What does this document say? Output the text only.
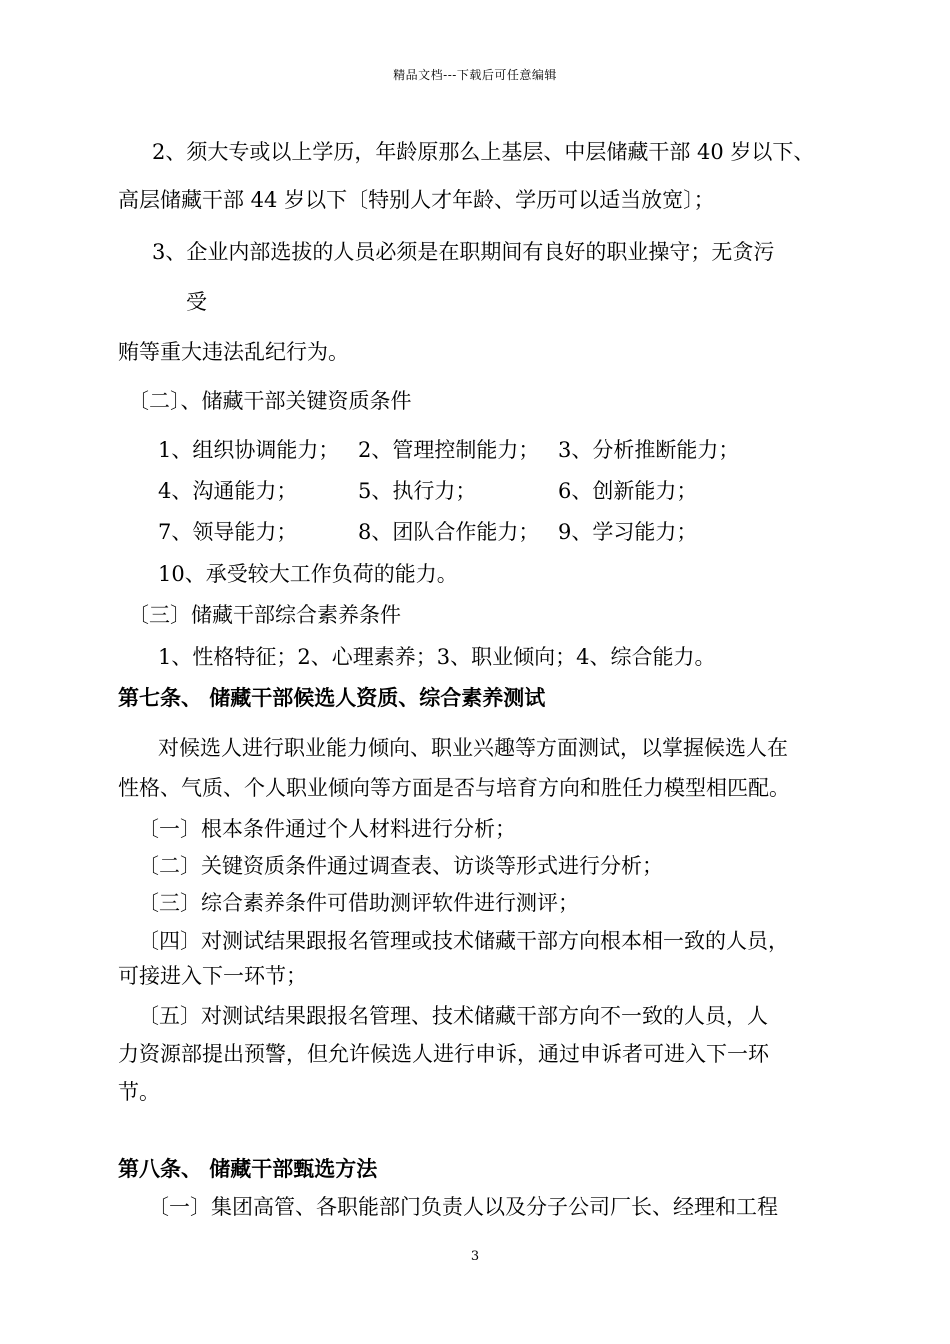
精品文档---下载后可任意编辑
2、须大专或以上学历，年龄原那么上基层、中层储藏干部 40 岁以下、
高层储藏干部 44 岁以下〔特别人才年龄、学历可以适当放宽〕；
3、企业内部选拔的人员必须是在职期间有良好的职业操守；无贪污
受
贿等重大违法乱纪行为。
〔二〕、储藏干部关键资质条件
1、组织协调能力； 2、管理控制能力； 3、分析推断能力；
4、沟通能力；	5、执行力；	6、创新能力；
7、领导能力；	8、团队合作能力； 9、学习能力；
10、承受较大工作负荷的能力。
〔三〕储藏干部综合素养条件
1、性格特征；2、心理素养；3、职业倾向；4、综合能力。
第七条、 储藏干部候选人资质、综合素养测试
对候选人进行职业能力倾向、职业兴趣等方面测试，以掌握候选人在
性格、气质、个人职业倾向等方面是否与培育方向和胜任力模型相匹配。
〔一〕根本条件通过个人材料进行分析；
〔二〕关键资质条件通过调查表、访谈等形式进行分析；
〔三〕综合素养条件可借助测评软件进行测评；
〔四〕对测试结果跟报名管理或技术储藏干部方向根本相一致的人员，
可接进入下一环节；
〔五〕对测试结果跟报名管理、技术储藏干部方向不一致的人员，人
力资源部提出预警，但允许候选人进行申诉，通过申诉者可进入下一环
节。
第八条、 储藏干部甄选方法
〔一〕集团高管、各职能部门负责人以及分子公司厂长、经理和工程
3
